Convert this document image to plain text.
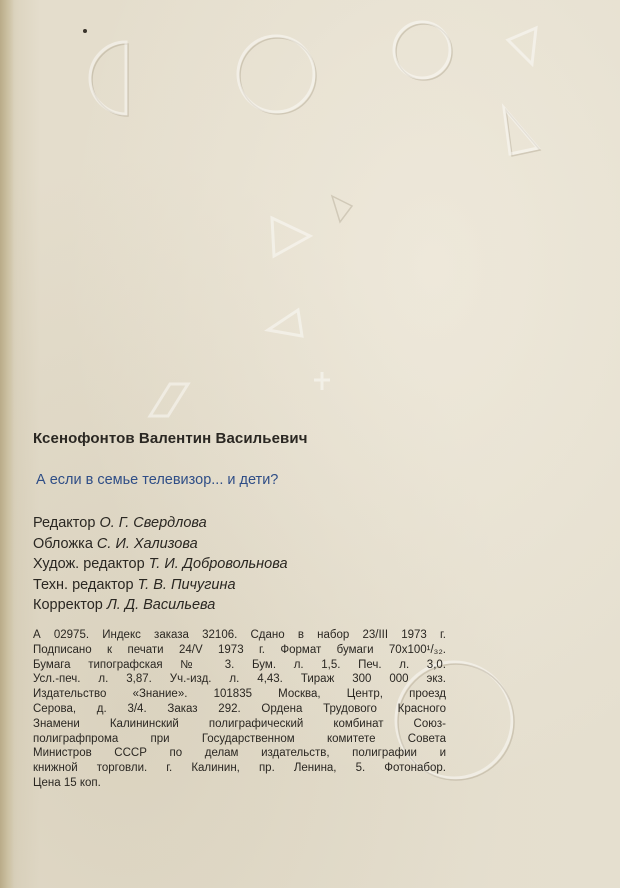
Ксенофонтов Валентин Васильевич
А если в семье телевизор... и дети?
Редактор О. Г. Свердлова
Обложка С. И. Хализова
Худож. редактор Т. И. Добровольнова
Техн. редактор Т. В. Пичугина
Корректор Л. Д. Васильева
А 02975. Индекс заказа 32106. Сдано в набор 23/III 1973 г.
Подписано к печати 24/V 1973 г. Формат бумаги 70х100¹/₃₂.
Бумага типографская № 3. Бум. л. 1,5. Печ. л. 3,0.
Усл.-печ. л. 3,87. Уч.-изд. л. 4,43. Тираж 300 000 экз.
Издательство «Знание». 101835 Москва, Центр, проезд
Серова, д. 3/4. Заказ 292. Ордена Трудового Красного
Знамени Калининский полиграфический комбинат Союз-
полиграфпрома при Государственном комитете Совета
Министров СССР по делам издательств, полиграфии и
книжной торговли. г. Калинин, пр. Ленина, 5. Фотонабор.
Цена 15 коп.
